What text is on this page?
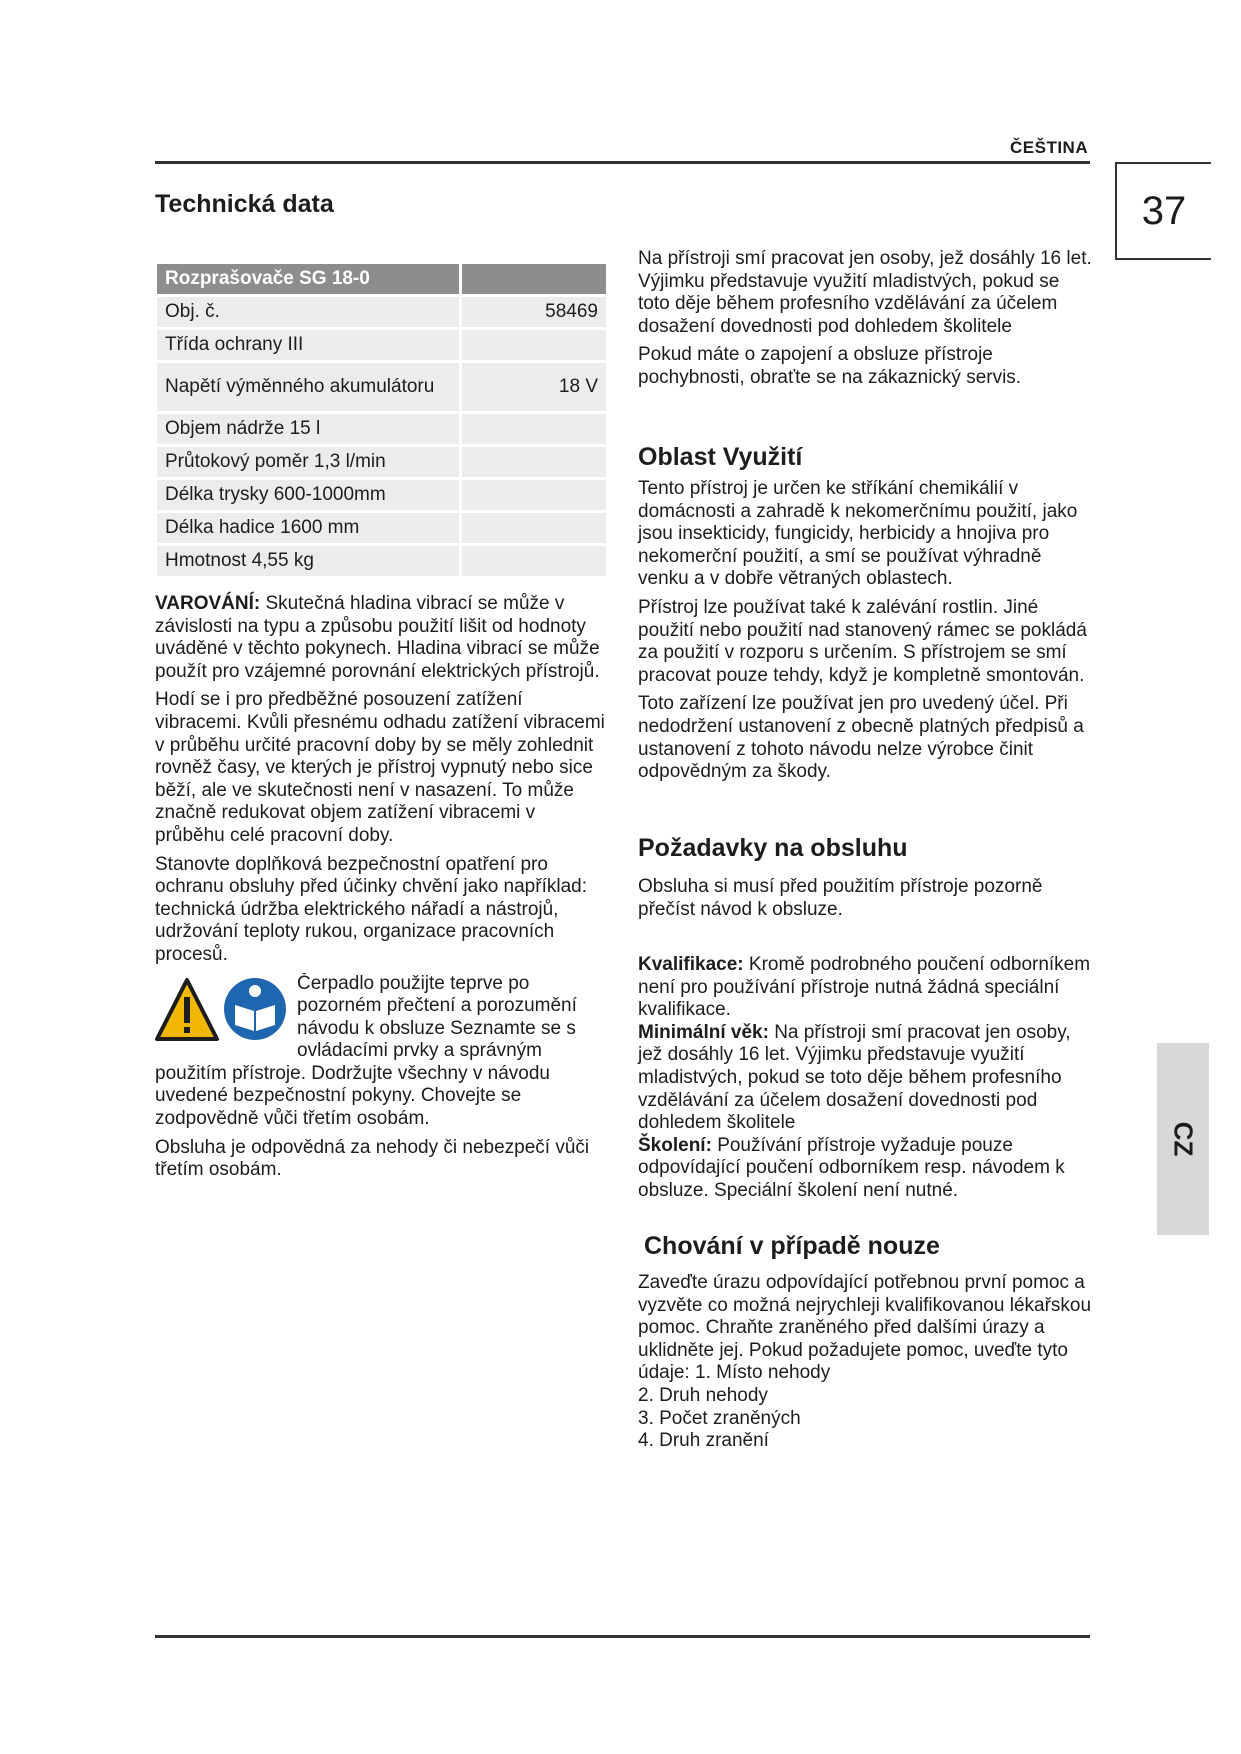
ČEŠTINA
37
Technická data
Rozprašovače SG 18-0	
Obj. č.	58469
Třída ochrany III	
Napětí výměnného akumulátoru	18 V
Objem nádrže 15 l	
Průtokový poměr 1,3 l/min	
Délka trysky 600-1000mm	
Délka hadice 1600 mm	
Hmotnost 4,55 kg	

VAROVÁNÍ: Skutečná hladina vibrací se může v závislosti na typu a způsobu použití lišit od hodnoty uváděné v těchto pokynech. Hladina vibrací se může použít pro vzájemné porovnání elektrických přístrojů.

Hodí se i pro předběžné posouzení zatížení vibracemi. Kvůli přesnému odhadu zatížení vibracemi v průběhu určité pracovní doby by se měly zohlednit rovněž časy, ve kterých je přístroj vypnutý nebo sice běží, ale ve skutečnosti není v nasazení. To může značně redukovat objem zatížení vibracemi v průběhu celé pracovní doby.

Stanovte doplňková bezpečnostní opatření pro ochranu obsluhy před účinky chvění jako například: technická údržba elektrického nářadí a nástrojů, udržování teploty rukou, organizace pracovních procesů.

Čerpadlo použijte teprve po pozorném přečtení a porozumění návodu k obsluze Seznamte se s ovládacími prvky a správným použitím přístroje. Dodržujte všechny v návodu uvedené bezpečnostní pokyny. Chovejte se zodpovědně vůči třetím osobám.

Obsluha je odpovědná za nehody či nebezpečí vůči třetím osobám.

Na přístroji smí pracovat jen osoby, jež dosáhly 16 let. Výjimku představuje využití mladistvých, pokud se toto děje během profesního vzdělávání za účelem dosažení dovednosti pod dohledem školitele

Pokud máte o zapojení a obsluze přístroje pochybnosti, obraťte se na zákaznický servis.

Oblast Využití

Tento přístroj je určen ke stříkání chemikálií v domácnosti a zahradě k nekomerčnímu použití, jako jsou insekticidy, fungicidy, herbicidy a hnojiva pro nekomerční použití, a smí se používat výhradně venku a v dobře větraných oblastech.

Přístroj lze používat také k zalévání rostlin. Jiné použití nebo použití nad stanovený rámec se pokládá za použití v rozporu s určením. S přístrojem se smí pracovat pouze tehdy, když je kompletně smontován.

Toto zařízení lze používat jen pro uvedený účel. Při nedodržení ustanovení z obecně platných předpisů a ustanovení z tohoto návodu nelze výrobce činit odpovědným za škody.

Požadavky na obsluhu

Obsluha si musí před použitím přístroje pozorně přečíst návod k obsluze.

Kvalifikace: Kromě podrobného poučení odborníkem není pro používání přístroje nutná žádná speciální kvalifikace.
Minimální věk: Na přístroji smí pracovat jen osoby, jež dosáhly 16 let. Výjimku představuje využití mladistvých, pokud se toto děje během profesního vzdělávání za účelem dosažení dovednosti pod dohledem školitele
Školení: Používání přístroje vyžaduje pouze odpovídající poučení odborníkem resp. návodem k obsluze. Speciální školení není nutné.
Chování v případě nouze
Zaveďte úrazu odpovídající potřebnou první pomoc a vyzvěte co možná nejrychleji kvalifikovanou lékařskou pomoc. Chraňte zraněného před dalšími úrazy a uklidněte jej. Pokud požadujete pomoc, uveďte tyto údaje: 1. Místo nehody
2. Druh nehody
3. Počet zraněných
4. Druh zranění
CZ
